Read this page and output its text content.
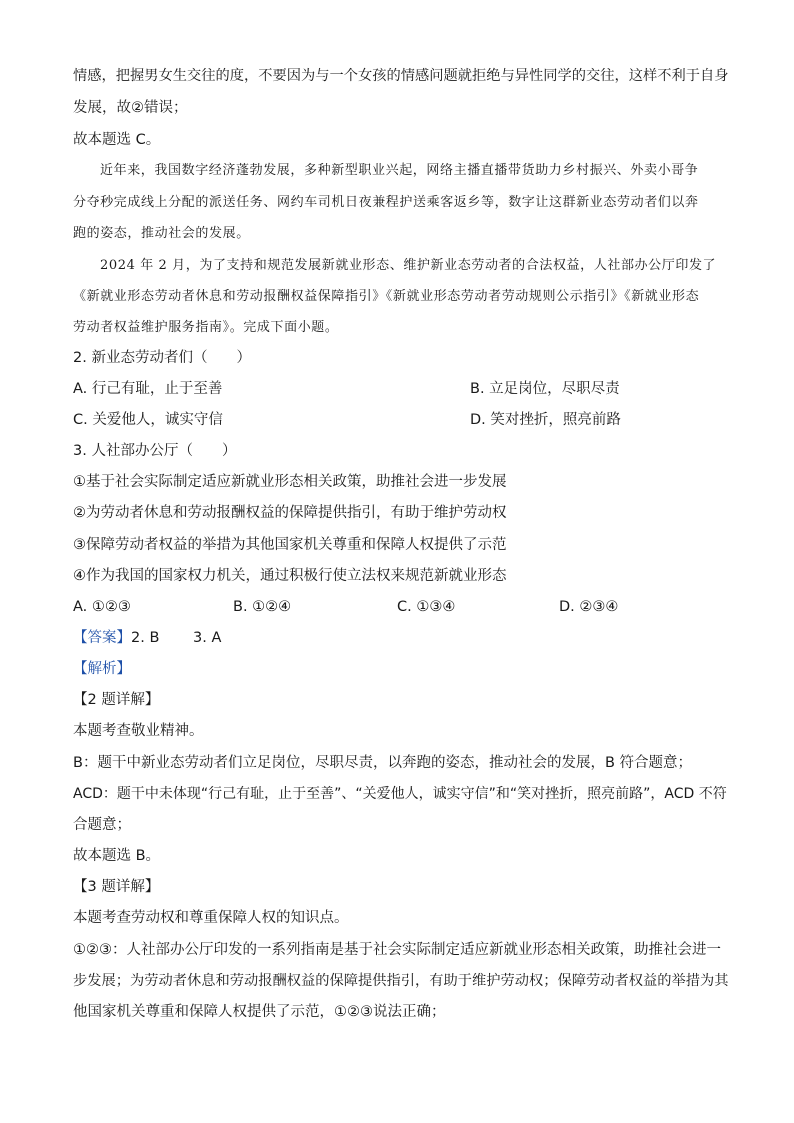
情感，把握男女生交往的度，不要因为与一个女孩的情感问题就拒绝与异性同学的交往，这样不利于自身
发展，故②错误；
故本题选 C。
近年来，我国数字经济蓬勃发展，多种新型职业兴起，网络主播直播带货助力乡村振兴、外卖小哥争
分夺秒完成线上分配的派送任务、网约车司机日夜兼程护送乘客返乡等，数字让这群新业态劳动者们以奔
跑的姿态，推动社会的发展。
2024 年 2 月，为了支持和规范发展新就业形态、维护新业态劳动者的合法权益，人社部办公厅印发了
《新就业形态劳动者休息和劳动报酬权益保障指引》《新就业形态劳动者劳动规则公示指引》《新就业形态
劳动者权益维护服务指南》。完成下面小题。
2. 新业态劳动者们（　　）
A. 行己有耻，止于至善	B. 立足岗位，尽职尽责
C. 关爱他人，诚实守信	D. 笑对挫折，照亮前路
3. 人社部办公厅（　　）
①基于社会实际制定适应新就业形态相关政策，助推社会进一步发展
②为劳动者休息和劳动报酬权益的保障提供指引，有助于维护劳动权
③保障劳动者权益的举措为其他国家机关尊重和保障人权提供了示范
④作为我国的国家权力机关，通过积极行使立法权来规范新就业形态
A. ①②③	B. ①②④	C. ①③④	D. ②③④
【答案】2. B　　 3. A
【解析】
【2 题详解】
本题考查敬业精神。
B：题干中新业态劳动者们立足岗位，尽职尽责，以奔跑的姿态，推动社会的发展，B 符合题意；
ACD：题干中未体现“行己有耻，止于至善”、“关爱他人，诚实守信”和“笑对挫折，照亮前路”，ACD 不符
合题意；
故本题选 B。
【3 题详解】
本题考查劳动权和尊重保障人权的知识点。
①②③：人社部办公厅印发的一系列指南是基于社会实际制定适应新就业形态相关政策，助推社会进一
步发展；为劳动者休息和劳动报酬权益的保障提供指引，有助于维护劳动权；保障劳动者权益的举措为其
他国家机关尊重和保障人权提供了示范，①②③说法正确；
